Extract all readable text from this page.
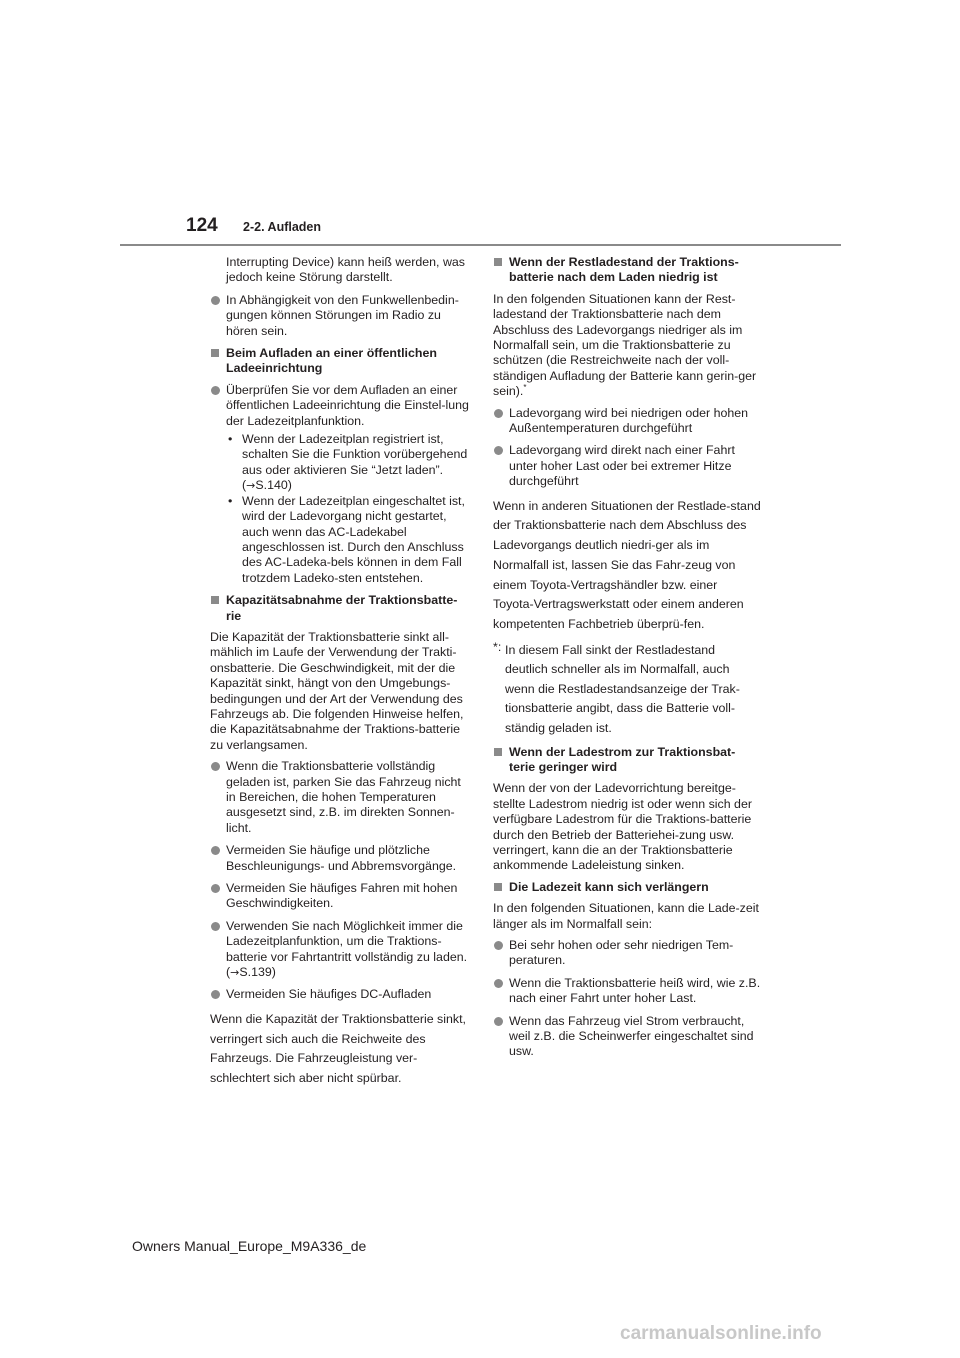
124 2-2. Aufladen

Interrupting Device) kann heiß werden, was jedoch keine Störung darstellt.

In Abhängigkeit von den Funkwellenbedin-gungen können Störungen im Radio zu hören sein.
Beim Aufladen an einer öffentlichen Ladeeinrichtung
Überprüfen Sie vor dem Aufladen an einer öffentlichen Ladeeinrichtung die Einstel-lung der Ladezeitplanfunktion.
• Wenn der Ladezeitplan registriert ist, schalten Sie die Funktion vorübergehend aus oder aktivieren Sie “Jetzt laden”. (→S.140)
• Wenn der Ladezeitplan eingeschaltet ist, wird der Ladevorgang nicht gestartet, auch wenn das AC-Ladekabel angeschlossen ist. Durch den Anschluss des AC-Ladeka-bels können in dem Fall trotzdem Ladeko-sten entstehen.
Kapazitätsabnahme der Traktionsbatte-rie

Die Kapazität der Traktionsbatterie sinkt all-mählich im Laufe der Verwendung der Trakti-onsbatterie. Die Geschwindigkeit, mit der die Kapazität sinkt, hängt von den Umgebungs-bedingungen und der Art der Verwendung des Fahrzeugs ab. Die folgenden Hinweise helfen, die Kapazitätsabnahme der Traktions-batterie zu verlangsamen.

Wenn die Traktionsbatterie vollständig geladen ist, parken Sie das Fahrzeug nicht in Bereichen, die hohen Temperaturen ausgesetzt sind, z.B. im direkten Sonnen-licht.
Vermeiden Sie häufige und plötzliche Beschleunigungs- und Abbremsvorgänge.
Vermeiden Sie häufiges Fahren mit hohen Geschwindigkeiten.
Verwenden Sie nach Möglichkeit immer die Ladezeitplanfunktion, um die Traktions-batterie vor Fahrtantritt vollständig zu laden. (→S.139)
Vermeiden Sie häufiges DC-Aufladen

Wenn die Kapazität der Traktionsbatterie sinkt, verringert sich auch die Reichweite des Fahrzeugs. Die Fahrzeugleistung ver-schlechtert sich aber nicht spürbar.

Wenn der Restladestand der Traktions-batterie nach dem Laden niedrig ist

In den folgenden Situationen kann der Rest-ladestand der Traktionsbatterie nach dem Abschluss des Ladevorgangs niedriger als im Normalfall sein, um die Traktionsbatterie zu schützen (die Restreichweite nach der voll-ständigen Aufladung der Batterie kann gerin-ger sein).*

Ladevorgang wird bei niedrigen oder hohen Außentemperaturen durchgeführt
Ladevorgang wird direkt nach einer Fahrt unter hoher Last oder bei extremer Hitze durchgeführt

Wenn in anderen Situationen der Restlade-stand der Traktionsbatterie nach dem Abschluss des Ladevorgangs deutlich niedri-ger als im Normalfall ist, lassen Sie das Fahr-zeug von einem Toyota-Vertragshändler bzw. einer Toyota-Vertragswerkstatt oder einem anderen kompetenten Fachbetrieb überprü-fen.

*: In diesem Fall sinkt der Restladestand deutlich schneller als im Normalfall, auch wenn die Restladestandsanzeige der Trak-tionsbatterie angibt, dass die Batterie voll-ständig geladen ist.
Wenn der Ladestrom zur Traktionsbat-terie geringer wird

Wenn der von der Ladevorrichtung bereitge-stellte Ladestrom niedrig ist oder wenn sich der verfügbare Ladestrom für die Traktions-batterie durch den Betrieb der Batteriehei-zung usw. verringert, kann die an der Traktionsbatterie ankommende Ladeleistung sinken.

Die Ladezeit kann sich verlängern

In den folgenden Situationen, kann die Lade-zeit länger als im Normalfall sein:

Bei sehr hohen oder sehr niedrigen Tem-peraturen.
Wenn die Traktionsbatterie heiß wird, wie z.B. nach einer Fahrt unter hoher Last.
Wenn das Fahrzeug viel Strom verbraucht, weil z.B. die Scheinwerfer eingeschaltet sind usw.
Owners Manual_Europe_M9A336_de
carmanualsonline.info
